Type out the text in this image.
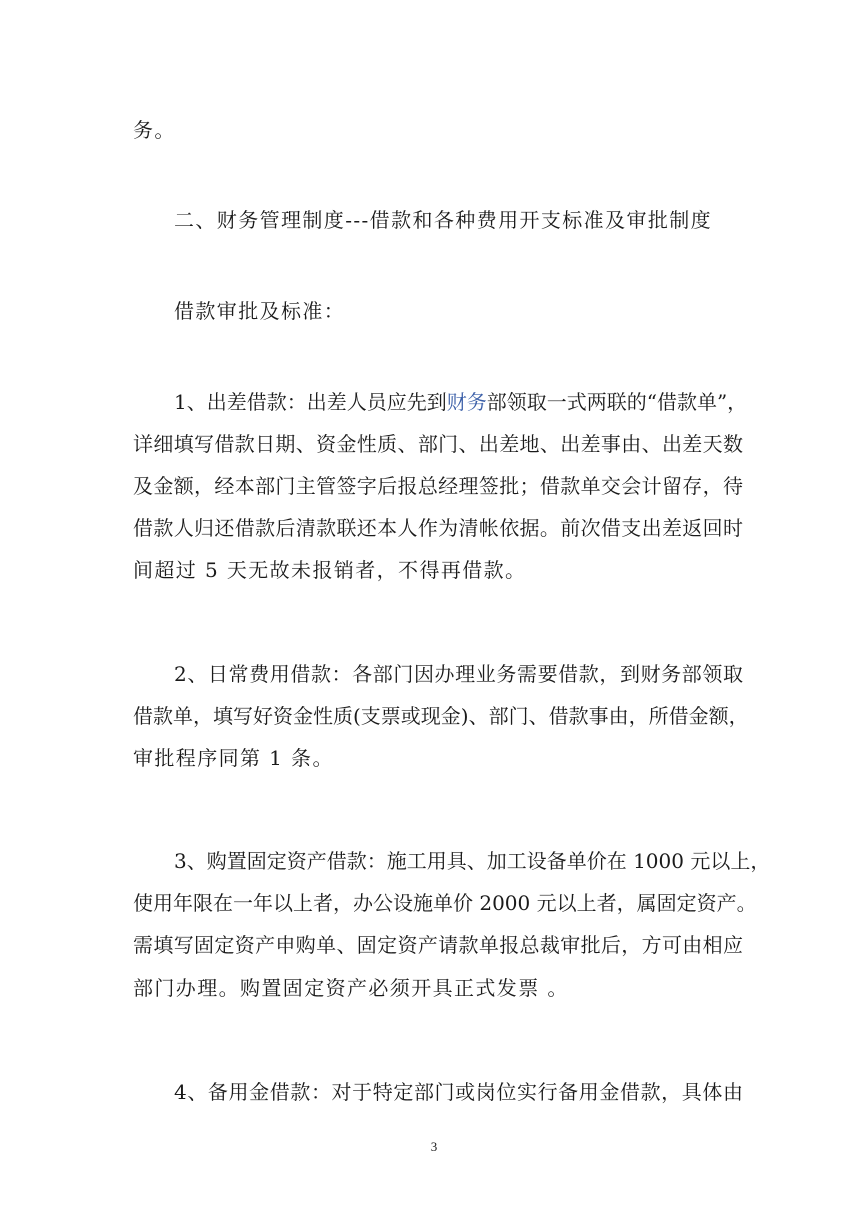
务。
二、财务管理制度---借款和各种费用开支标准及审批制度
借款审批及标准：
1、出差借款：出差人员应先到财务部领取一式两联的“借款单”，
详细填写借款日期、资金性质、部门、出差地、出差事由、出差天数
及金额，经本部门主管签字后报总经理签批；借款单交会计留存，待
借款人归还借款后清款联还本人作为清帐依据。前次借支出差返回时
间超过 5 天无故未报销者，不得再借款。
2、日常费用借款：各部门因办理业务需要借款，到财务部领取
借款单，填写好资金性质(支票或现金)、部门、借款事由，所借金额，
审批程序同第 1 条。
3、购置固定资产借款：施工用具、加工设备单价在 1000 元以上，
使用年限在一年以上者，办公设施单价 2000 元以上者，属固定资产。
需填写固定资产申购单、固定资产请款单报总裁审批后，方可由相应
部门办理。购置固定资产必须开具正式发票 。
4、备用金借款：对于特定部门或岗位实行备用金借款，具体由
3
